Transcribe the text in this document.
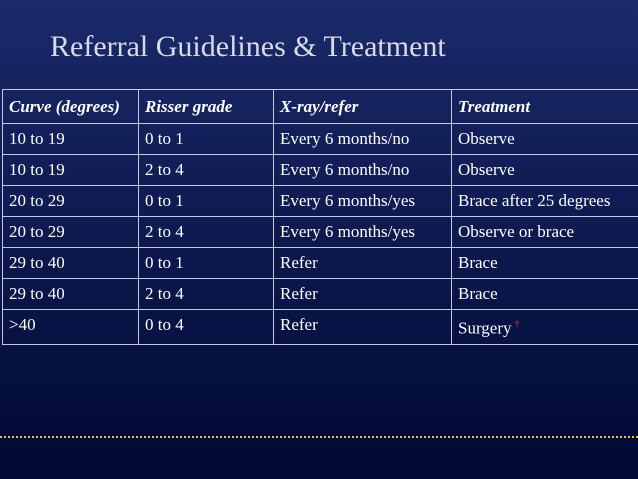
Referral Guidelines & Treatment
Curve (degrees)	Risser grade	X-ray/refer	Treatment
10 to 19	0 to 1	Every 6 months/no	Observe
10 to 19	2 to 4	Every 6 months/no	Observe
20 to 29	0 to 1	Every 6 months/yes	Brace after 25 degrees
20 to 29	2 to 4	Every 6 months/yes	Observe or brace
29 to 40	0 to 1	Refer	Brace
29 to 40	2 to 4	Refer	Brace
>40	0 to 4	Refer	Surgery †
